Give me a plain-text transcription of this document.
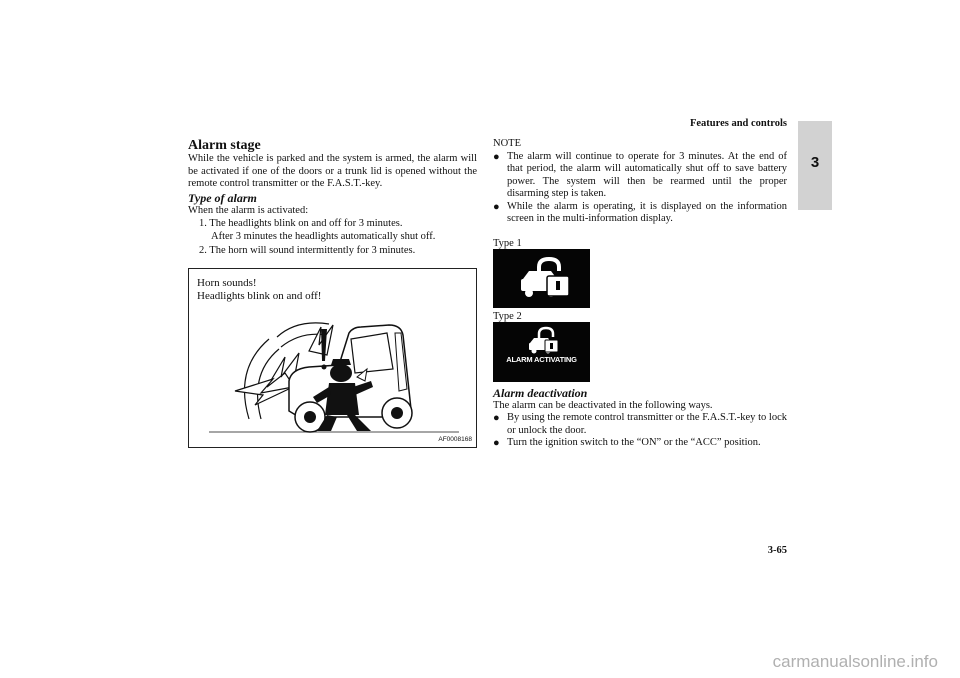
Features and controls
3
Alarm stage

While the vehicle is parked and the system is armed, the alarm will be activated if one of the doors or a trunk lid is opened without the remote control transmitter or the F.A.S.T.-key.

Type of alarm

When the alarm is activated:

1. The headlights blink on and off for 3 minutes.

After 3 minutes the headlights automatically shut off.

2. The horn will sound intermittently for 3 minutes.

Horn sounds!
Headlights blink on and off!
AF0008168
NOTE
● The alarm will continue to operate for 3 minutes. At the end of that period, the alarm will automatically shut off to save battery power. The system will then be rearmed until the proper disarming step is taken.
● While the alarm is operating, it is displayed on the information screen in the multi-information display.
Type 1
Type 2
Alarm deactivation

The alarm can be deactivated in the following ways.

● By using the remote control transmitter or the F.A.S.T.-key to lock or unlock the door.
● Turn the ignition switch to the “ON” or the “ACC” position.
ALARM ACTIVATING
3-65
carmanualsonline.info
